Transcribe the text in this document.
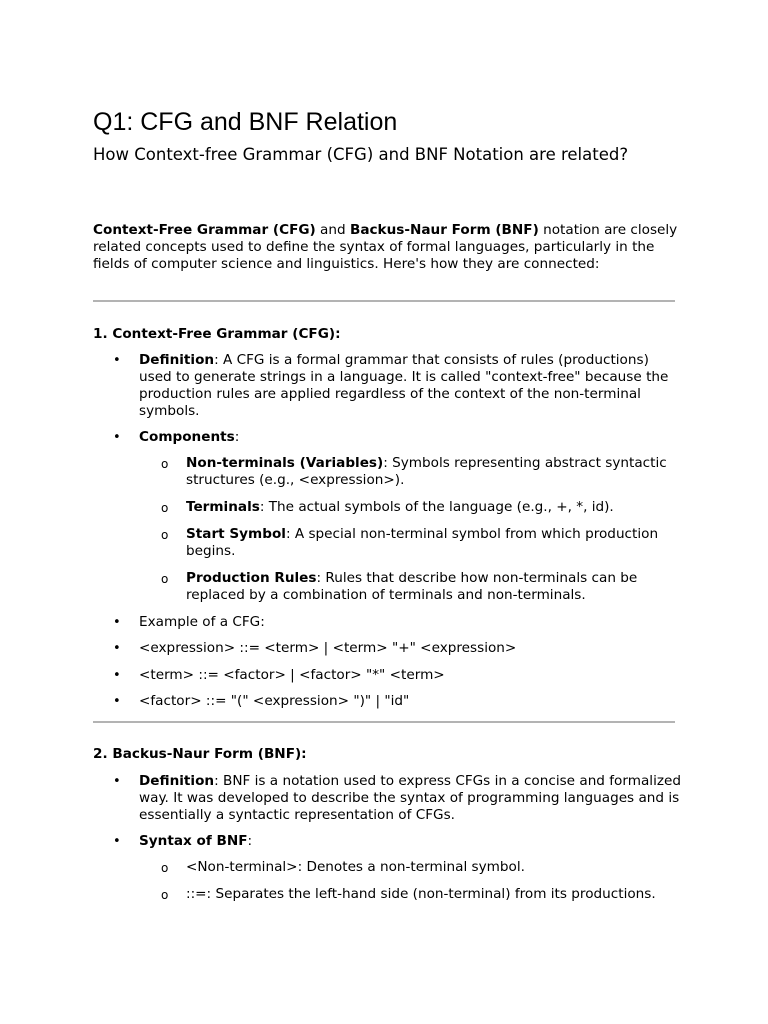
Q1: CFG and BNF Relation
How Context-free Grammar (CFG) and BNF Notation are related?
Context-Free Grammar (CFG) and Backus-Naur Form (BNF) notation are closely related concepts used to define the syntax of formal languages, particularly in the fields of computer science and linguistics. Here's how they are connected:
1. Context-Free Grammar (CFG):
• Definition: A CFG is a formal grammar that consists of rules (productions) used to generate strings in a language. It is called "context-free" because the production rules are applied regardless of the context of the non-terminal symbols.
• Components:
o Non-terminals (Variables): Symbols representing abstract syntactic structures (e.g., <expression>).
o Terminals: The actual symbols of the language (e.g., +, *, id).
o Start Symbol: A special non-terminal symbol from which production begins.
o Production Rules: Rules that describe how non-terminals can be replaced by a combination of terminals and non-terminals.
• Example of a CFG:
• <expression> ::= <term> | <term> "+" <expression>
• <term> ::= <factor> | <factor> "*" <term>
• <factor> ::= "(" <expression> ")" | "id"
2. Backus-Naur Form (BNF):
• Definition: BNF is a notation used to express CFGs in a concise and formalized way. It was developed to describe the syntax of programming languages and is essentially a syntactic representation of CFGs.
• Syntax of BNF:
o <Non-terminal>: Denotes a non-terminal symbol.
o ::=: Separates the left-hand side (non-terminal) from its productions.
